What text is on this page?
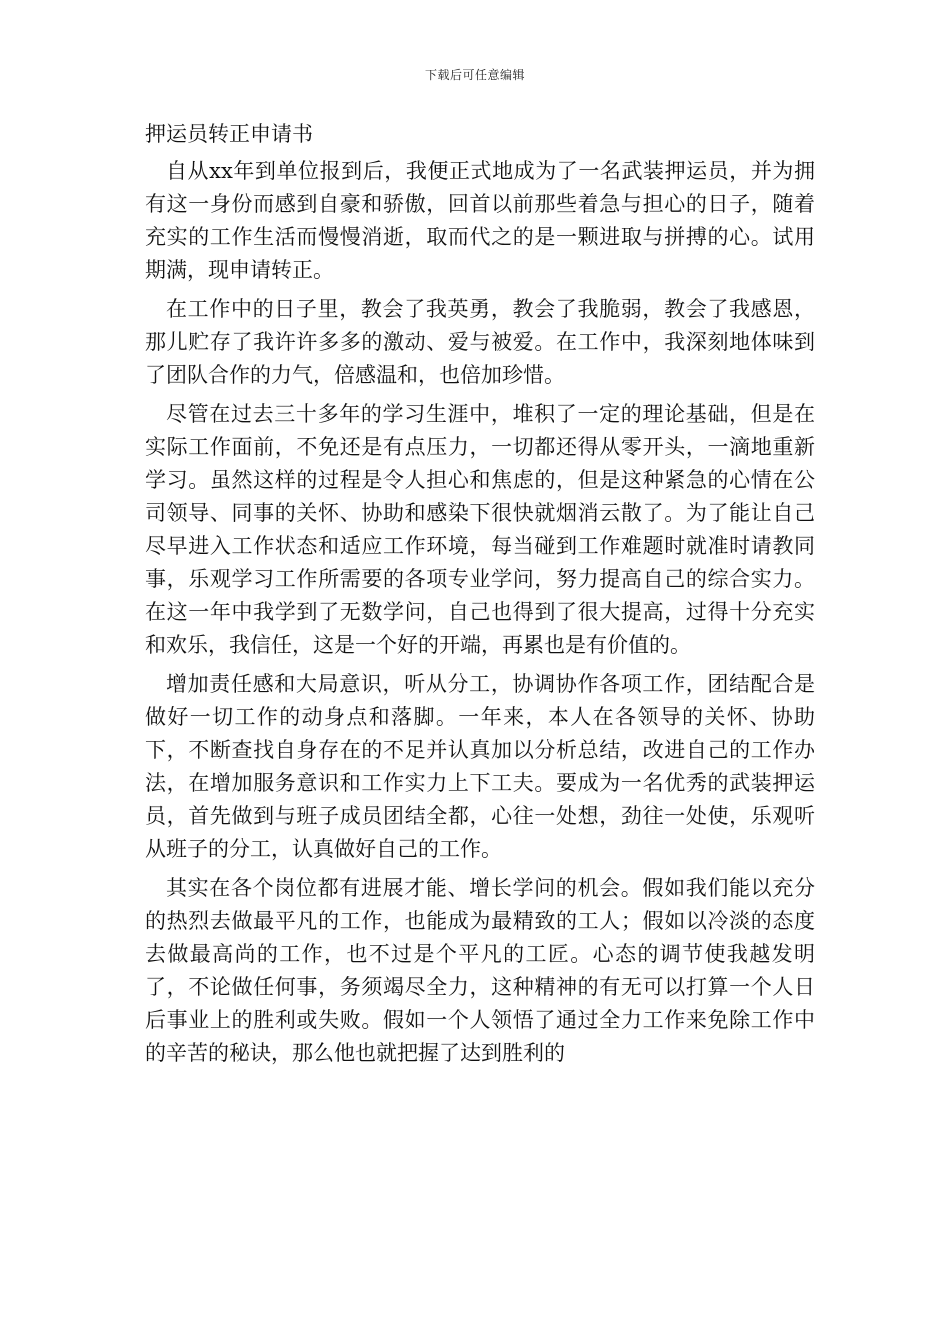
下载后可任意编辑
押运员转正申请书

自从xx年到单位报到后，我便正式地成为了一名武装押运员，并为拥有这一身份而感到自豪和骄傲，回首以前那些着急与担心的日子，随着充实的工作生活而慢慢消逝，取而代之的是一颗进取与拼搏的心。试用期满，现申请转正。

在工作中的日子里，教会了我英勇，教会了我脆弱，教会了我感恩，那儿贮存了我许许多多的激动、爱与被爱。在工作中，我深刻地体味到了团队合作的力气，倍感温和，也倍加珍惜。

尽管在过去三十多年的学习生涯中，堆积了一定的理论基础，但是在实际工作面前，不免还是有点压力，一切都还得从零开头，一滴地重新学习。虽然这样的过程是令人担心和焦虑的，但是这种紧急的心情在公司领导、同事的关怀、协助和感染下很快就烟消云散了。为了能让自己尽早进入工作状态和适应工作环境，每当碰到工作难题时就准时请教同事，乐观学习工作所需要的各项专业学问，努力提高自己的综合实力。在这一年中我学到了无数学问，自己也得到了很大提高，过得十分充实和欢乐，我信任，这是一个好的开端，再累也是有价值的。

增加责任感和大局意识，听从分工，协调协作各项工作，团结配合是做好一切工作的动身点和落脚。一年来，本人在各领导的关怀、协助下，不断查找自身存在的不足并认真加以分析总结，改进自己的工作办法，在增加服务意识和工作实力上下工夫。要成为一名优秀的武装押运员，首先做到与班子成员团结全都，心往一处想，劲往一处使，乐观听从班子的分工，认真做好自己的工作。

其实在各个岗位都有进展才能、增长学问的机会。假如我们能以充分的热烈去做最平凡的工作，也能成为最精致的工人；假如以冷淡的态度去做最高尚的工作，也不过是个平凡的工匠。心态的调节使我越发明了，不论做任何事，务须竭尽全力，这种精神的有无可以打算一个人日后事业上的胜利或失败。假如一个人领悟了通过全力工作来免除工作中的辛苦的秘诀，那么他也就把握了达到胜利的
